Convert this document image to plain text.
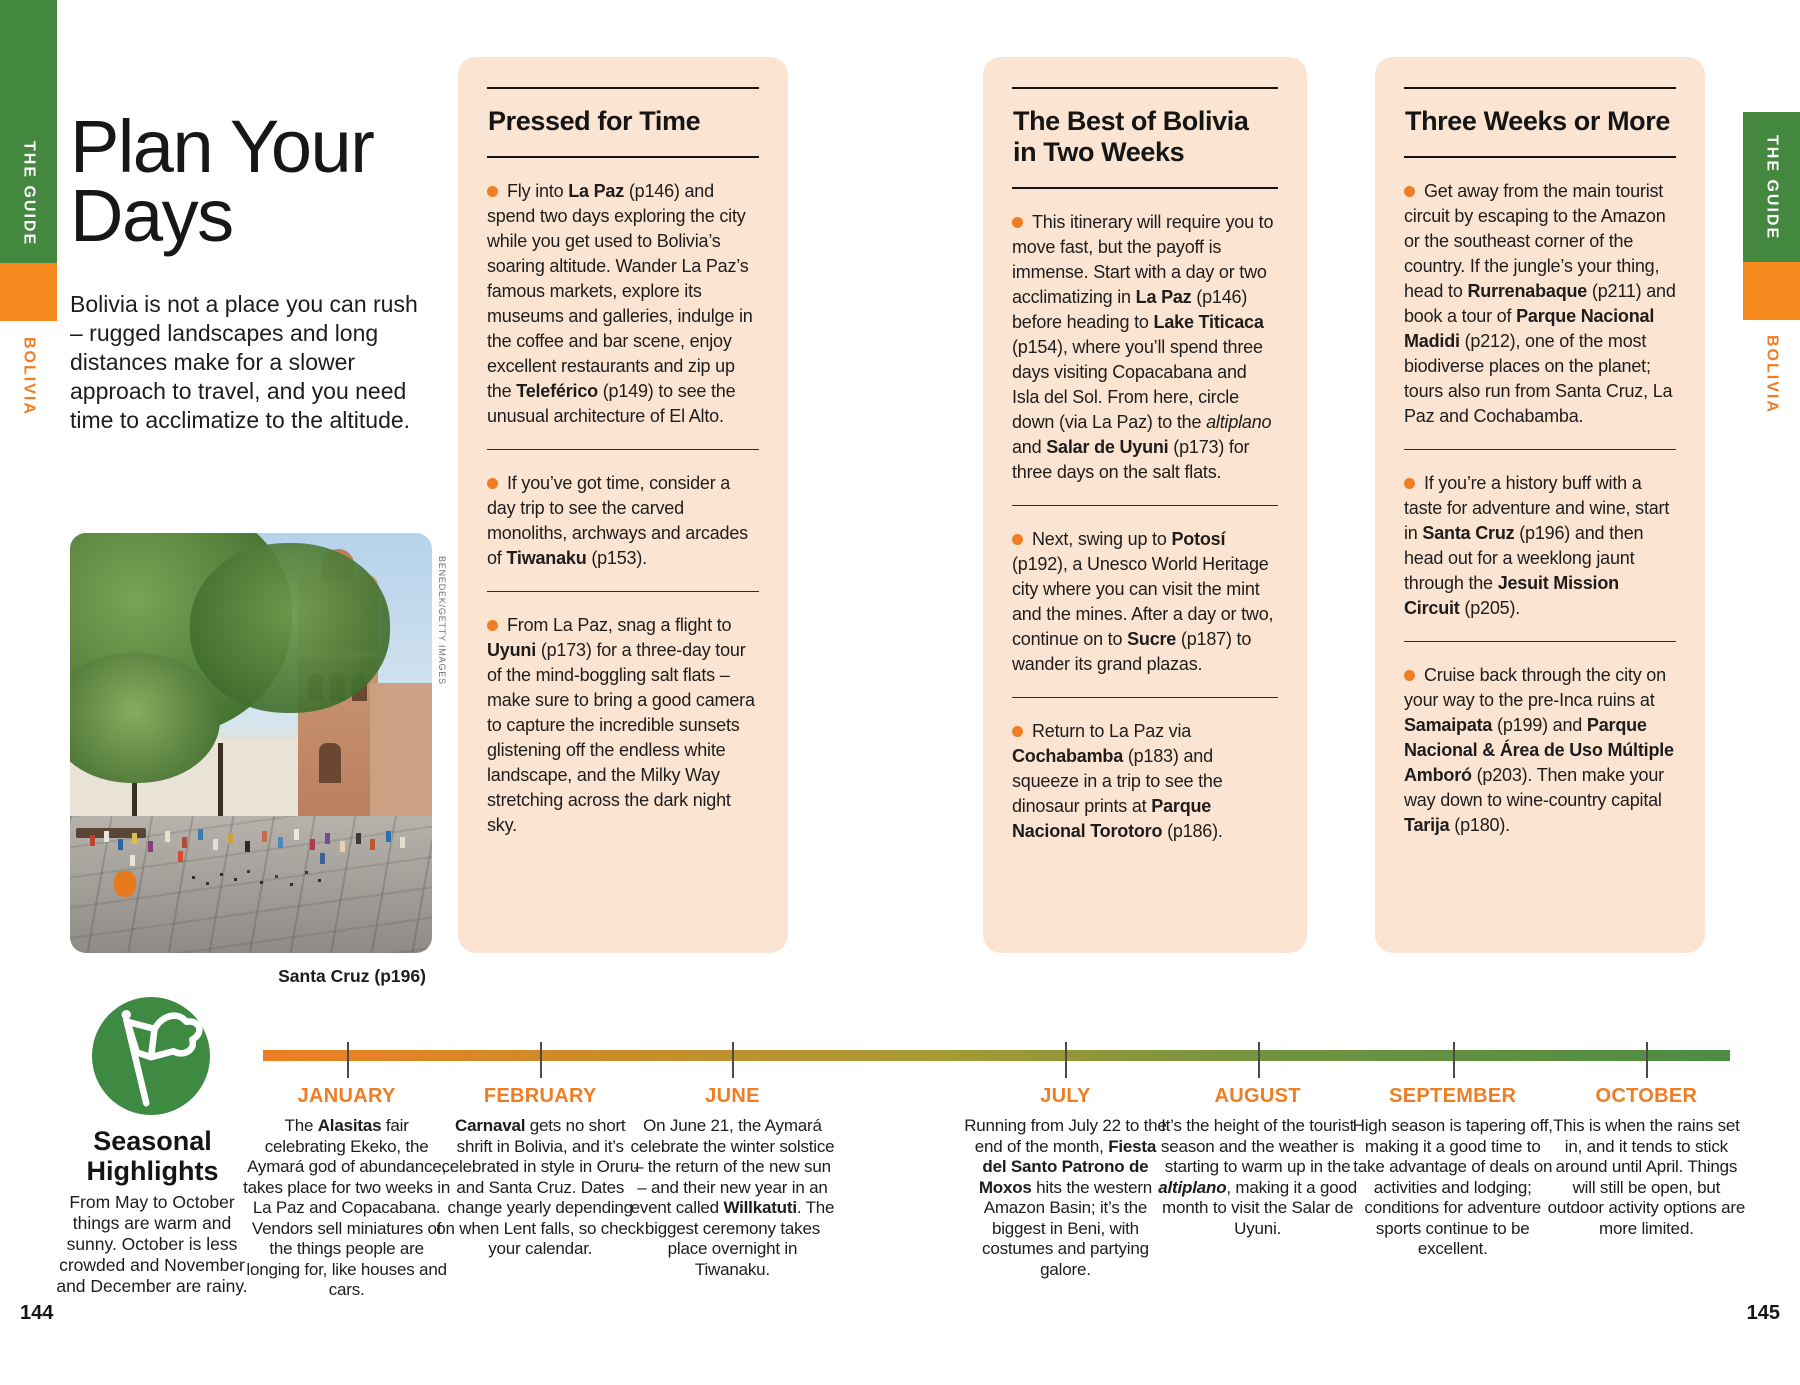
THE GUIDE
BOLIVIA
THE GUIDE
BOLIVIA
Plan Your
Days

Bolivia is not a place you can rush – rugged landscapes and long distances make for a slower approach to travel, and you need time to acclimatize to the altitude.

BENEDEK/GETTY IMAGES
Santa Cruz (p196)
Pressed for Time
Fly into La Paz (p146) and spend two days exploring the city while you get used to Bolivia’s soaring altitude. Wander La Paz’s famous markets, explore its museums and galleries, indulge in the coffee and bar scene, enjoy excellent restaurants and zip up the Teleférico (p149) to see the unusual architecture of El Alto.
If you’ve got time, consider a day trip to see the carved monoliths, archways and arcades of Tiwanaku (p153).
From La Paz, snag a flight to Uyuni (p173) for a three-day tour of the mind-boggling salt flats – make sure to bring a good camera to capture the incredible sunsets glistening off the endless white landscape, and the Milky Way stretching across the dark night sky.
The Best of Bolivia in Two Weeks
This itinerary will require you to move fast, but the payoff is immense. Start with a day or two acclimatizing in La Paz (p146) before heading to Lake Titicaca (p154), where you’ll spend three days visiting Copacabana and Isla del Sol. From here, circle down (via La Paz) to the altiplano and Salar de Uyuni (p173) for three days on the salt flats.
Next, swing up to Potosí (p192), a Unesco World Heritage city where you can visit the mint and the mines. After a day or two, continue on to Sucre (p187) to wander its grand plazas.
Return to La Paz via Cochabamba (p183) and squeeze in a trip to see the dinosaur prints at Parque Nacional Torotoro (p186).
Three Weeks or More
Get away from the main tourist circuit by escaping to the Amazon or the southeast corner of the country. If the jungle’s your thing, head to Rurrenabaque (p211) and book a tour of Parque Nacional Madidi (p212), one of the most biodiverse places on the planet; tours also run from Santa Cruz, La Paz and Cochabamba.
If you’re a history buff with a taste for adventure and wine, start in Santa Cruz (p196) and then head out for a weeklong jaunt through the Jesuit Mission Circuit (p205).
Cruise back through the city on your way to the pre-Inca ruins at Samaipata (p199) and Parque Nacional & Área de Uso Múltiple Amboró (p203). Then make your way down to wine-country capital Tarija (p180).
Seasonal Highlights
From May to October things are warm and sunny. October is less crowded and November and December are rainy.
JANUARY
The Alasitas fair celebrating Ekeko, the Aymará god of abundance, takes place for two weeks in La Paz and Copacabana. Vendors sell miniatures of the things people are longing for, like houses and cars.
FEBRUARY
Carnaval gets no short shrift in Bolivia, and it’s celebrated in style in Oruru and Santa Cruz. Dates change yearly depending on when Lent falls, so check your calendar.
JUNE
On June 21, the Aymará celebrate the winter solstice – the return of the new sun – and their new year in an event called Willkatuti. The biggest ceremony takes place overnight in Tiwanaku.
JULY
Running from July 22 to the end of the month, Fiesta del Santo Patrono de Moxos hits the western Amazon Basin; it’s the biggest in Beni, with costumes and partying galore.
AUGUST
It’s the height of the tourist season and the weather is starting to warm up in the altiplano, making it a good month to visit the Salar de Uyuni.
SEPTEMBER
High season is tapering off, making it a good time to take advantage of deals on activities and lodging; conditions for adventure sports continue to be excellent.
OCTOBER
This is when the rains set in, and it tends to stick around until April. Things will still be open, but outdoor activity options are more limited.
144	145
